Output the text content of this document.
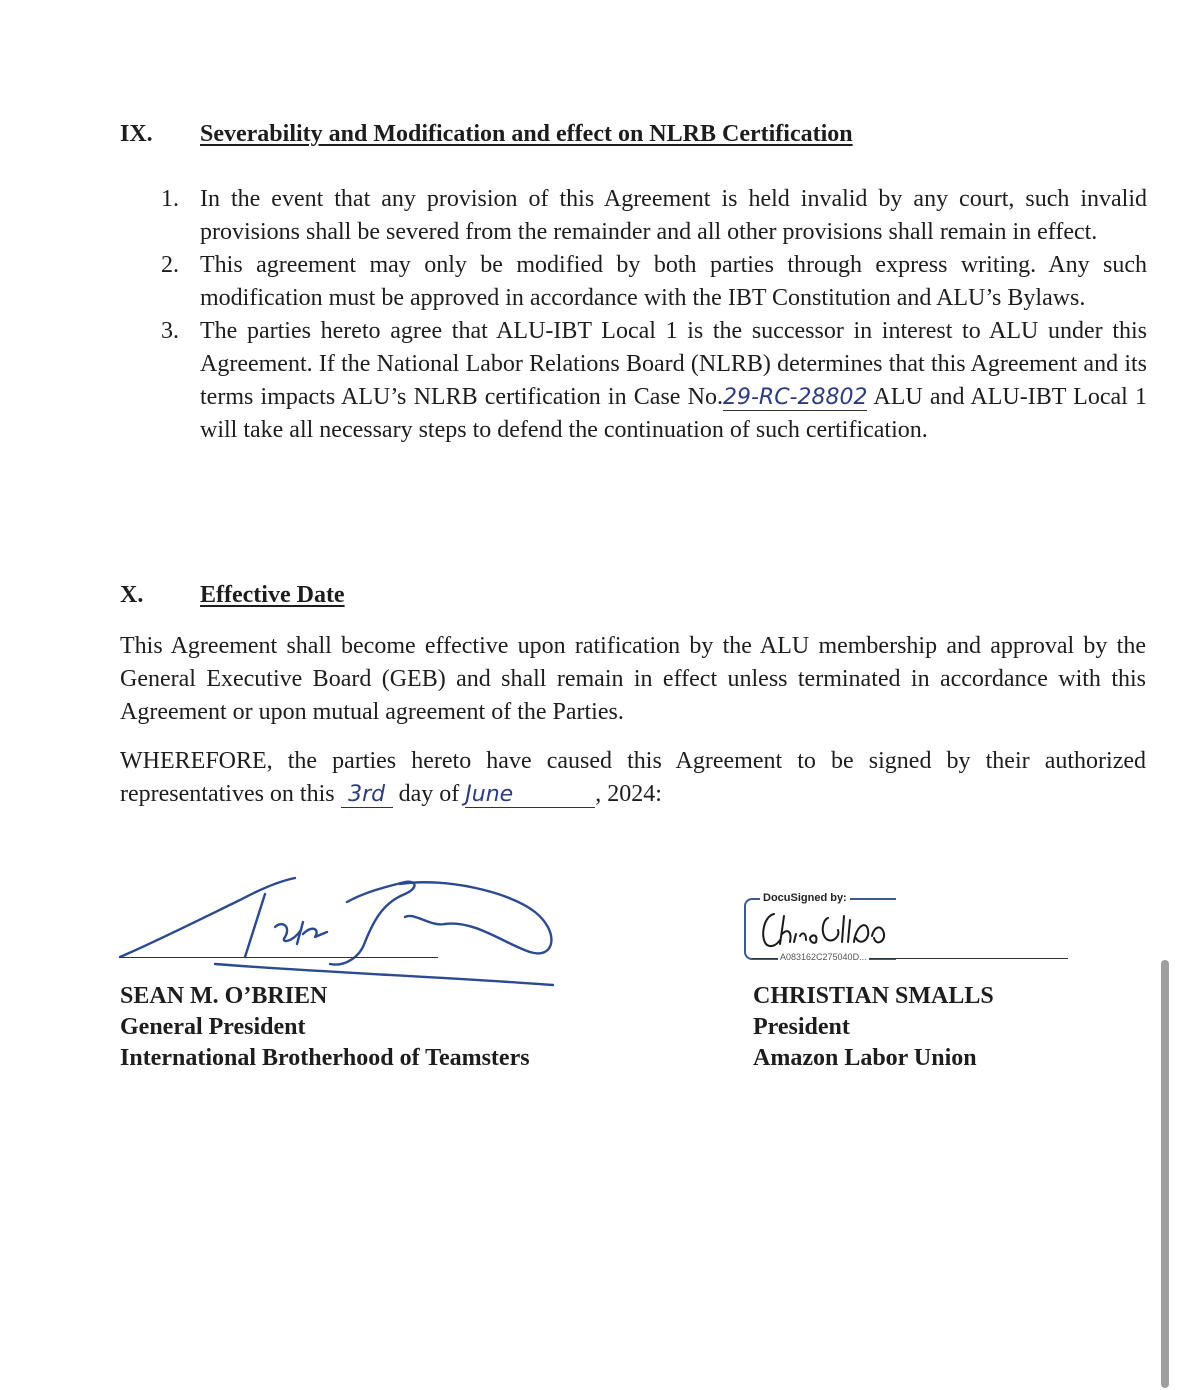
IX. Severability and Modification and effect on NLRB Certification
1. In the event that any provision of this Agreement is held invalid by any court, such invalid provisions shall be severed from the remainder and all other provisions shall remain in effect.
2. This agreement may only be modified by both parties through express writing. Any such modification must be approved in accordance with the IBT Constitution and ALU’s Bylaws.
3. The parties hereto agree that ALU-IBT Local 1 is the successor in interest to ALU under this Agreement. If the National Labor Relations Board (NLRB) determines that this Agreement and its terms impacts ALU’s NLRB certification in Case No.29-RC-28802 ALU and ALU-IBT Local 1 will take all necessary steps to defend the continuation of such certification.
X. Effective Date

This Agreement shall become effective upon ratification by the ALU membership and approval by the General Executive Board (GEB) and shall remain in effect unless terminated in accordance with this Agreement or upon mutual agreement of the Parties.

WHEREFORE, the parties hereto have caused this Agreement to be signed by their authorized representatives on this 3rd day of June	, 2024:

SEAN M. O’BRIEN
General President
International Brotherhood of Teamsters
DocuSigned by:
A083162C275040D...
CHRISTIAN SMALLS
President
Amazon Labor Union
